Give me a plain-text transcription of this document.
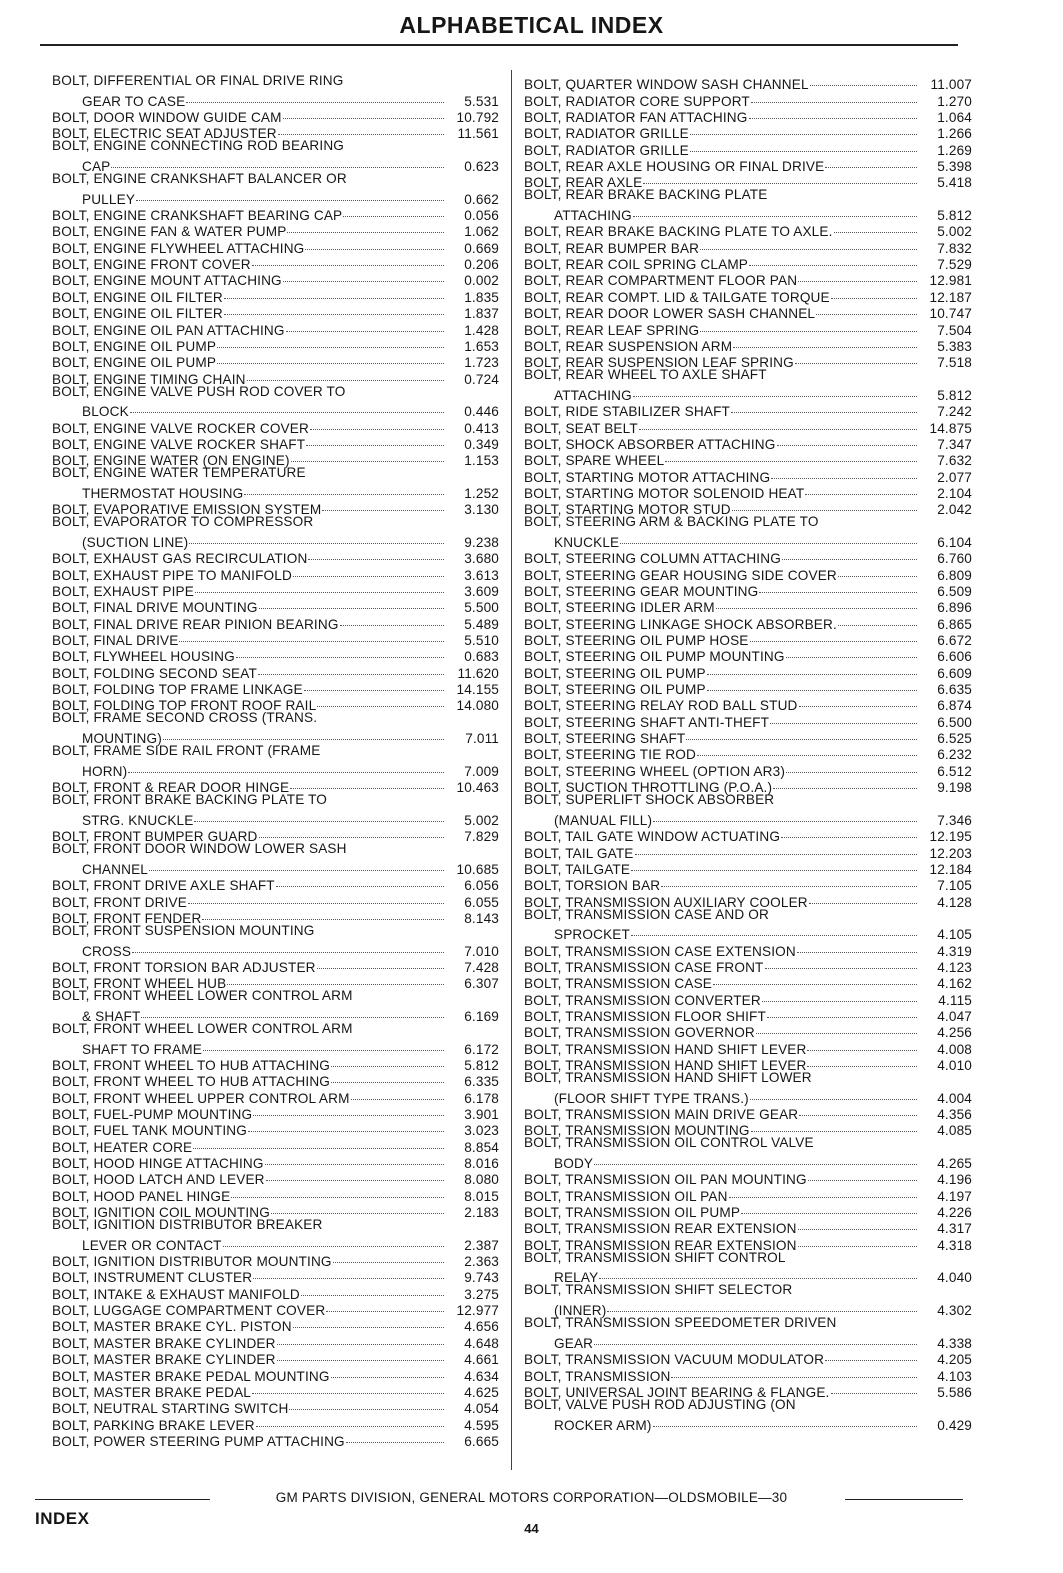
ALPHABETICAL INDEX
BOLT, DIFFERENTIAL OR FINAL DRIVE RING
GEAR TO CASE	5.531
BOLT, DOOR WINDOW GUIDE CAM	10.792
BOLT, ELECTRIC SEAT ADJUSTER	11.561
BOLT, ENGINE CONNECTING ROD BEARING
CAP	0.623
BOLT, ENGINE CRANKSHAFT BALANCER OR
PULLEY	0.662
BOLT, ENGINE CRANKSHAFT BEARING CAP	0.056
BOLT, ENGINE FAN & WATER PUMP	1.062
BOLT, ENGINE FLYWHEEL ATTACHING	0.669
BOLT, ENGINE FRONT COVER	0.206
BOLT, ENGINE MOUNT ATTACHING	0.002
BOLT, ENGINE OIL FILTER	1.835
BOLT, ENGINE OIL FILTER	1.837
BOLT, ENGINE OIL PAN ATTACHING	1.428
BOLT, ENGINE OIL PUMP	1.653
BOLT, ENGINE OIL PUMP	1.723
BOLT, ENGINE TIMING CHAIN	0.724
BOLT, ENGINE VALVE PUSH ROD COVER TO
BLOCK	0.446
BOLT, ENGINE VALVE ROCKER COVER	0.413
BOLT, ENGINE VALVE ROCKER SHAFT	0.349
BOLT, ENGINE WATER (ON ENGINE)	1.153
BOLT, ENGINE WATER TEMPERATURE
THERMOSTAT HOUSING	1.252
BOLT, EVAPORATIVE EMISSION SYSTEM	3.130
BOLT, EVAPORATOR TO COMPRESSOR
(SUCTION LINE)	9.238
BOLT, EXHAUST GAS RECIRCULATION	3.680
BOLT, EXHAUST PIPE TO MANIFOLD	3.613
BOLT, EXHAUST PIPE	3.609
BOLT, FINAL DRIVE MOUNTING	5.500
BOLT, FINAL DRIVE REAR PINION BEARING	5.489
BOLT, FINAL DRIVE	5.510
BOLT, FLYWHEEL HOUSING	0.683
BOLT, FOLDING SECOND SEAT	11.620
BOLT, FOLDING TOP FRAME LINKAGE	14.155
BOLT, FOLDING TOP FRONT ROOF RAIL	14.080
BOLT, FRAME SECOND CROSS (TRANS.
MOUNTING)	7.011
BOLT, FRAME SIDE RAIL FRONT (FRAME
HORN)	7.009
BOLT, FRONT & REAR DOOR HINGE	10.463
BOLT, FRONT BRAKE BACKING PLATE TO
STRG. KNUCKLE	5.002
BOLT, FRONT BUMPER GUARD	7.829
BOLT, FRONT DOOR WINDOW LOWER SASH
CHANNEL	10.685
BOLT, FRONT DRIVE AXLE SHAFT	6.056
BOLT, FRONT DRIVE	6.055
BOLT, FRONT FENDER	8.143
BOLT, FRONT SUSPENSION MOUNTING
CROSS	7.010
BOLT, FRONT TORSION BAR ADJUSTER	7.428
BOLT, FRONT WHEEL HUB	6.307
BOLT, FRONT WHEEL LOWER CONTROL ARM
& SHAFT	6.169
BOLT, FRONT WHEEL LOWER CONTROL ARM
SHAFT TO FRAME	6.172
BOLT, FRONT WHEEL TO HUB ATTACHING	5.812
BOLT, FRONT WHEEL TO HUB ATTACHING	6.335
BOLT, FRONT WHEEL UPPER CONTROL ARM	6.178
BOLT, FUEL-PUMP MOUNTING	3.901
BOLT, FUEL TANK MOUNTING	3.023
BOLT, HEATER CORE	8.854
BOLT, HOOD HINGE ATTACHING	8.016
BOLT, HOOD LATCH AND LEVER	8.080
BOLT, HOOD PANEL HINGE	8.015
BOLT, IGNITION COIL MOUNTING	2.183
BOLT, IGNITION DISTRIBUTOR BREAKER
LEVER OR CONTACT	2.387
BOLT, IGNITION DISTRIBUTOR MOUNTING	2.363
BOLT, INSTRUMENT CLUSTER	9.743
BOLT, INTAKE & EXHAUST MANIFOLD	3.275
BOLT, LUGGAGE COMPARTMENT COVER	12.977
BOLT, MASTER BRAKE CYL. PISTON	4.656
BOLT, MASTER BRAKE CYLINDER	4.648
BOLT, MASTER BRAKE CYLINDER	4.661
BOLT, MASTER BRAKE PEDAL MOUNTING	4.634
BOLT, MASTER BRAKE PEDAL	4.625
BOLT, NEUTRAL STARTING SWITCH	4.054
BOLT, PARKING BRAKE LEVER	4.595
BOLT, POWER STEERING PUMP ATTACHING	6.665
BOLT, QUARTER WINDOW SASH CHANNEL	11.007
BOLT, RADIATOR CORE SUPPORT	1.270
BOLT, RADIATOR FAN ATTACHING	1.064
BOLT, RADIATOR GRILLE	1.266
BOLT, RADIATOR GRILLE	1.269
BOLT, REAR AXLE HOUSING OR FINAL DRIVE	5.398
BOLT, REAR AXLE	5.418
BOLT, REAR BRAKE BACKING PLATE
ATTACHING	5.812
BOLT, REAR BRAKE BACKING PLATE TO AXLE.	5.002
BOLT, REAR BUMPER BAR	7.832
BOLT, REAR COIL SPRING CLAMP	7.529
BOLT, REAR COMPARTMENT FLOOR PAN	12.981
BOLT, REAR COMPT. LID & TAILGATE TORQUE	12.187
BOLT, REAR DOOR LOWER SASH CHANNEL	10.747
BOLT, REAR LEAF SPRING	7.504
BOLT, REAR SUSPENSION ARM	5.383
BOLT, REAR SUSPENSION LEAF SPRING	7.518
BOLT, REAR WHEEL TO AXLE SHAFT
ATTACHING	5.812
BOLT, RIDE STABILIZER SHAFT	7.242
BOLT, SEAT BELT	14.875
BOLT, SHOCK ABSORBER ATTACHING	7.347
BOLT, SPARE WHEEL	7.632
BOLT, STARTING MOTOR ATTACHING	2.077
BOLT, STARTING MOTOR SOLENOID HEAT	2.104
BOLT, STARTING MOTOR STUD	2.042
BOLT, STEERING ARM & BACKING PLATE TO
KNUCKLE	6.104
BOLT, STEERING COLUMN ATTACHING	6.760
BOLT, STEERING GEAR HOUSING SIDE COVER	6.809
BOLT, STEERING GEAR MOUNTING	6.509
BOLT, STEERING IDLER ARM	6.896
BOLT, STEERING LINKAGE SHOCK ABSORBER.	6.865
BOLT, STEERING OIL PUMP HOSE	6.672
BOLT, STEERING OIL PUMP MOUNTING	6.606
BOLT, STEERING OIL PUMP	6.609
BOLT, STEERING OIL PUMP	6.635
BOLT, STEERING RELAY ROD BALL STUD	6.874
BOLT, STEERING SHAFT ANTI-THEFT	6.500
BOLT, STEERING SHAFT	6.525
BOLT, STEERING TIE ROD	6.232
BOLT, STEERING WHEEL (OPTION AR3)	6.512
BOLT, SUCTION THROTTLING (P.O.A.)	9.198
BOLT, SUPERLIFT SHOCK ABSORBER
(MANUAL FILL)	7.346
BOLT, TAIL GATE WINDOW ACTUATING	12.195
BOLT, TAIL GATE	12.203
BOLT, TAILGATE	12.184
BOLT, TORSION BAR	7.105
BOLT, TRANSMISSION AUXILIARY COOLER	4.128
BOLT, TRANSMISSION CASE AND OR
SPROCKET	4.105
BOLT, TRANSMISSION CASE EXTENSION	4.319
BOLT, TRANSMISSION CASE FRONT	4.123
BOLT, TRANSMISSION CASE	4.162
BOLT, TRANSMISSION CONVERTER	4.115
BOLT, TRANSMISSION FLOOR SHIFT	4.047
BOLT, TRANSMISSION GOVERNOR	4.256
BOLT, TRANSMISSION HAND SHIFT LEVER	4.008
BOLT, TRANSMISSION HAND SHIFT LEVER	4.010
BOLT, TRANSMISSION HAND SHIFT LOWER
(FLOOR SHIFT TYPE TRANS.)	4.004
BOLT, TRANSMISSION MAIN DRIVE GEAR	4.356
BOLT, TRANSMISSION MOUNTING	4.085
BOLT, TRANSMISSION OIL CONTROL VALVE
BODY	4.265
BOLT, TRANSMISSION OIL PAN MOUNTING	4.196
BOLT, TRANSMISSION OIL PAN	4.197
BOLT, TRANSMISSION OIL PUMP	4.226
BOLT, TRANSMISSION REAR EXTENSION	4.317
BOLT, TRANSMISSION REAR EXTENSION	4.318
BOLT, TRANSMISSION SHIFT CONTROL
RELAY	4.040
BOLT, TRANSMISSION SHIFT SELECTOR
(INNER)	4.302
BOLT, TRANSMISSION SPEEDOMETER DRIVEN
GEAR	4.338
BOLT, TRANSMISSION VACUUM MODULATOR	4.205
BOLT, TRANSMISSION	4.103
BOLT, UNIVERSAL JOINT BEARING & FLANGE.	5.586
BOLT, VALVE PUSH ROD ADJUSTING (ON
ROCKER ARM)	0.429
GM PARTS DIVISION, GENERAL MOTORS CORPORATION—OLDSMOBILE—30
INDEX
44
